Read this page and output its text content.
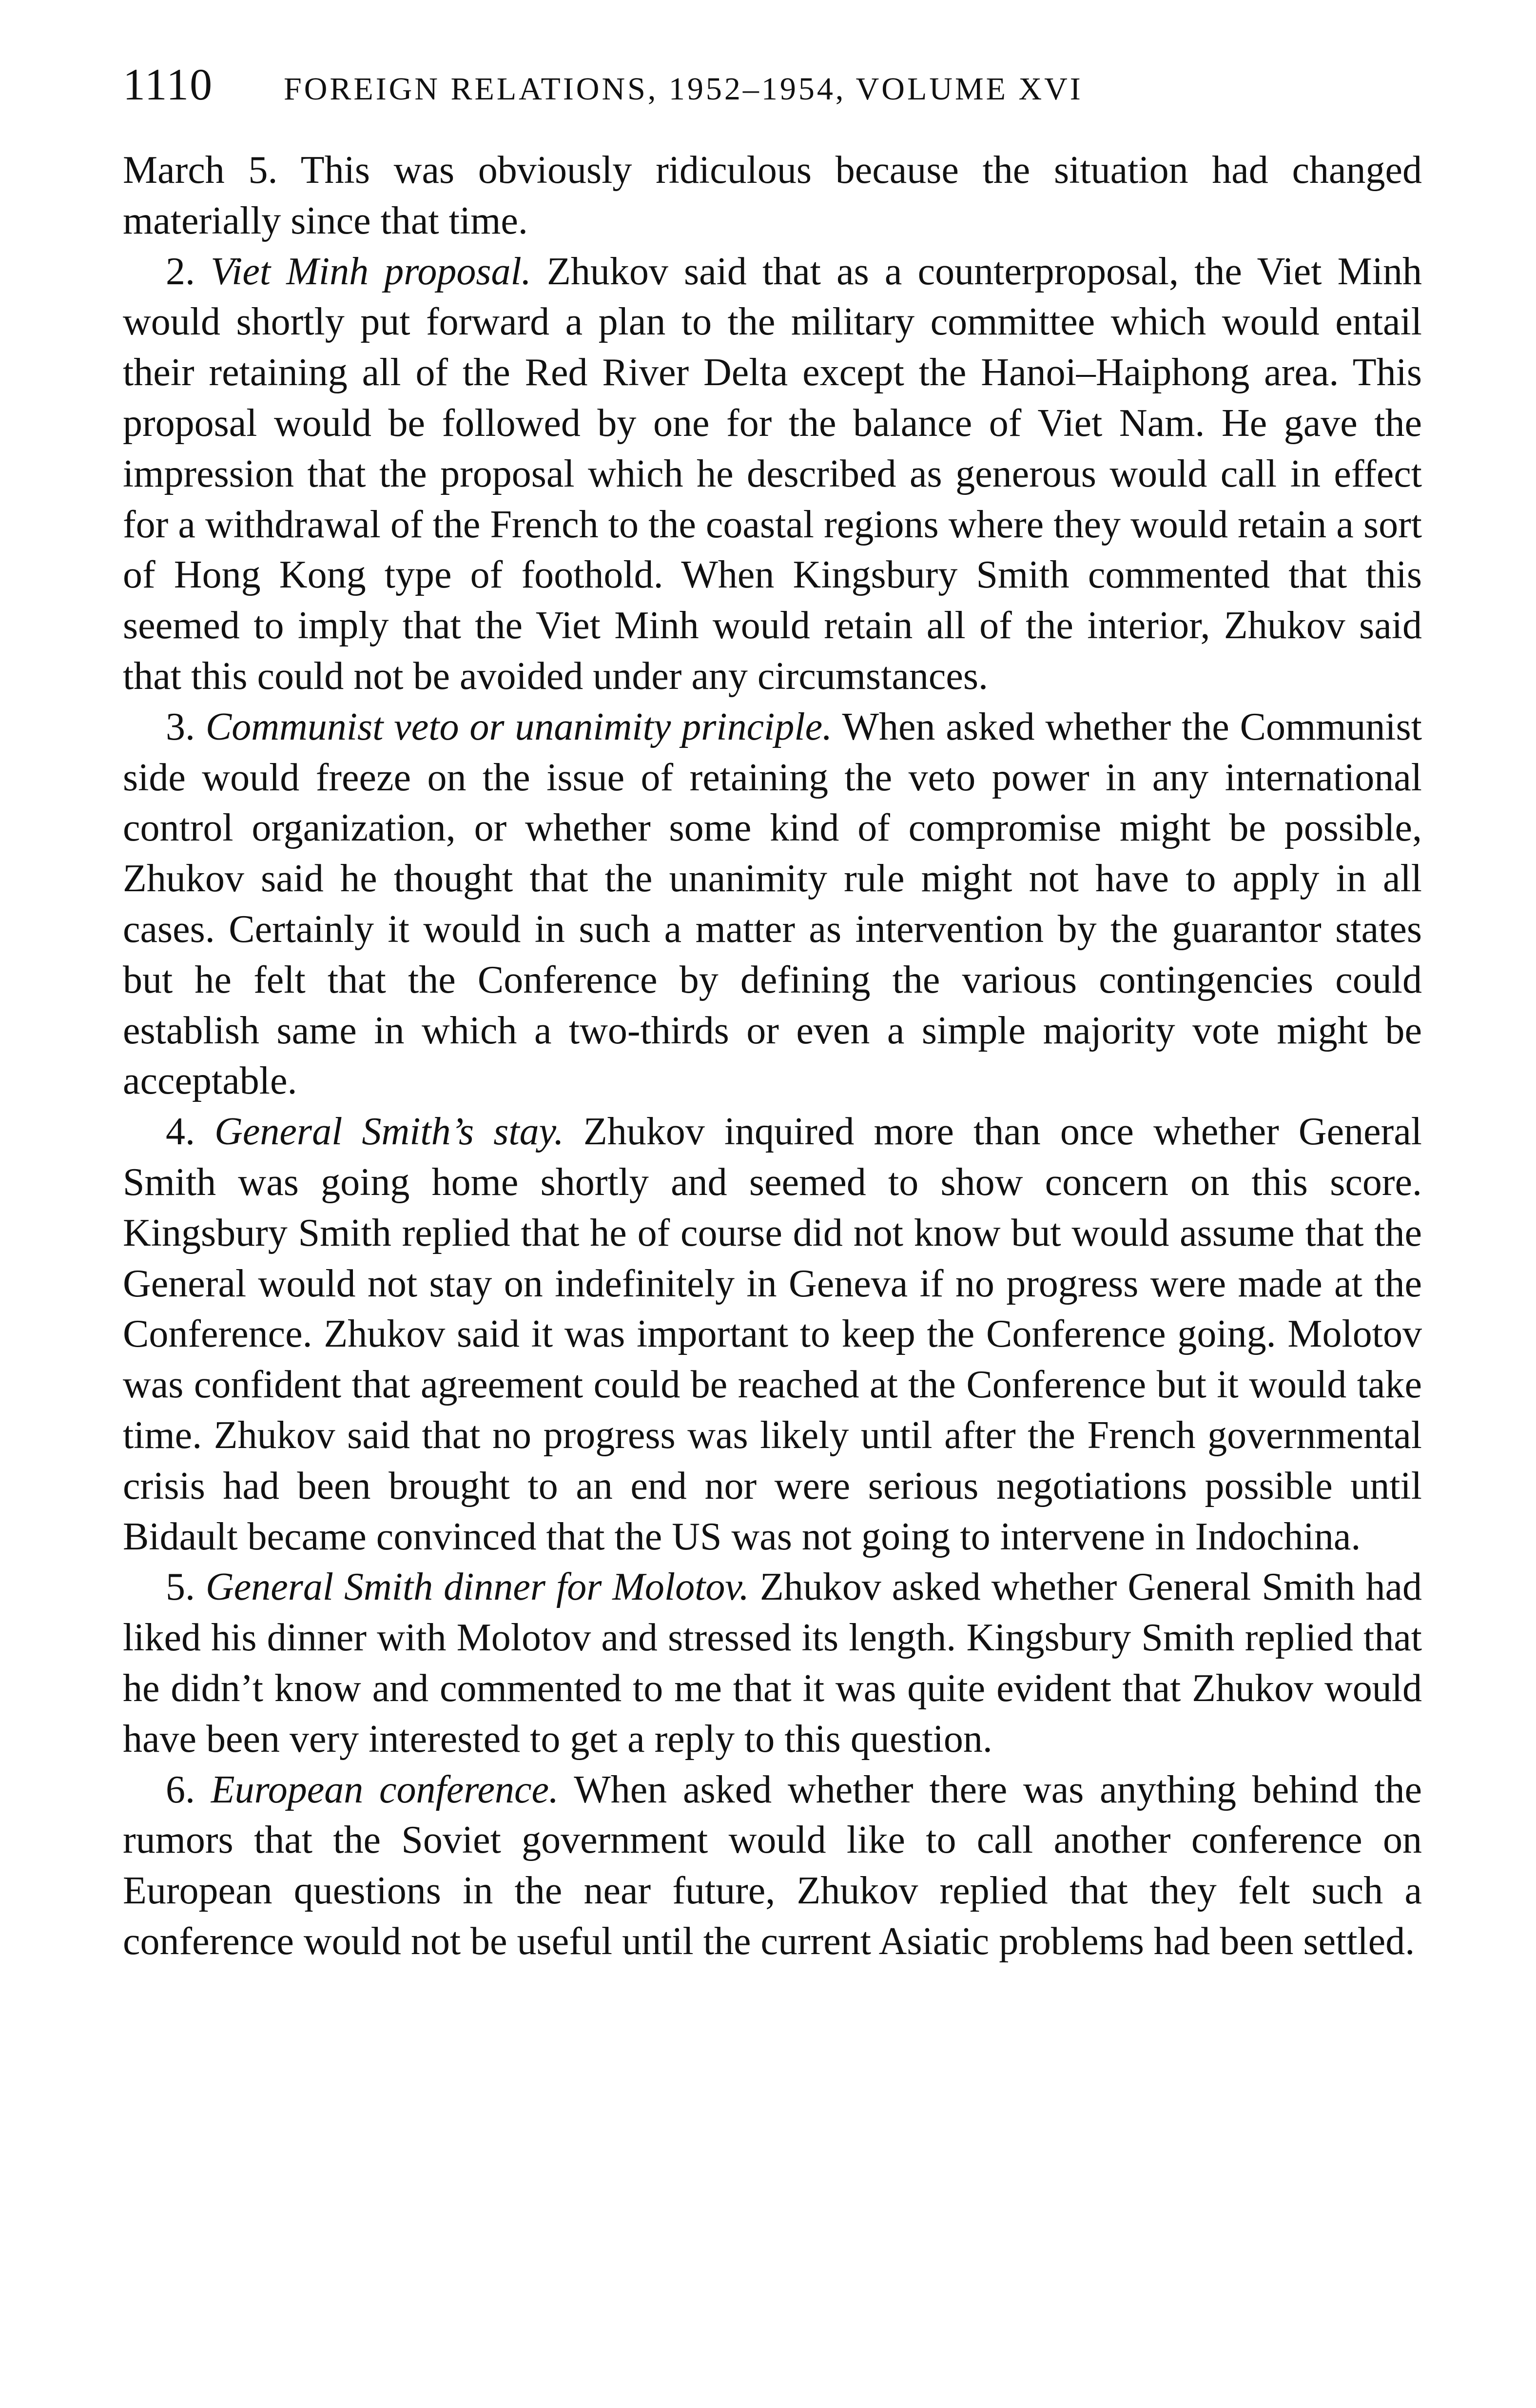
1110	FOREIGN RELATIONS, 1952–1954, VOLUME XVI

March 5. This was obviously ridiculous because the situation had changed materially since that time.

2. Viet Minh proposal. Zhukov said that as a counterproposal, the Viet Minh would shortly put forward a plan to the military committee which would entail their retaining all of the Red River Delta except the Hanoi–Haiphong area. This proposal would be followed by one for the balance of Viet Nam. He gave the impression that the proposal which he described as generous would call in effect for a withdrawal of the French to the coastal regions where they would retain a sort of Hong Kong type of foothold. When Kingsbury Smith commented that this seemed to imply that the Viet Minh would retain all of the interior, Zhukov said that this could not be avoided under any circumstances.

3. Communist veto or unanimity principle. When asked whether the Communist side would freeze on the issue of retaining the veto power in any international control organization, or whether some kind of compromise might be possible, Zhukov said he thought that the unanimity rule might not have to apply in all cases. Certainly it would in such a matter as intervention by the guarantor states but he felt that the Conference by defining the various contingencies could establish same in which a two-thirds or even a simple majority vote might be acceptable.

4. General Smith’s stay. Zhukov inquired more than once whether General Smith was going home shortly and seemed to show concern on this score. Kingsbury Smith replied that he of course did not know but would assume that the General would not stay on indefinitely in Geneva if no progress were made at the Conference. Zhukov said it was important to keep the Conference going. Molotov was confident that agreement could be reached at the Conference but it would take time. Zhukov said that no progress was likely until after the French governmental crisis had been brought to an end nor were serious negotiations possible until Bidault became convinced that the US was not going to intervene in Indochina.

5. General Smith dinner for Molotov. Zhukov asked whether General Smith had liked his dinner with Molotov and stressed its length. Kingsbury Smith replied that he didn’t know and commented to me that it was quite evident that Zhukov would have been very interested to get a reply to this question.

6. European conference. When asked whether there was anything behind the rumors that the Soviet government would like to call another conference on European questions in the near future, Zhukov replied that they felt such a conference would not be useful until the current Asiatic problems had been settled.
